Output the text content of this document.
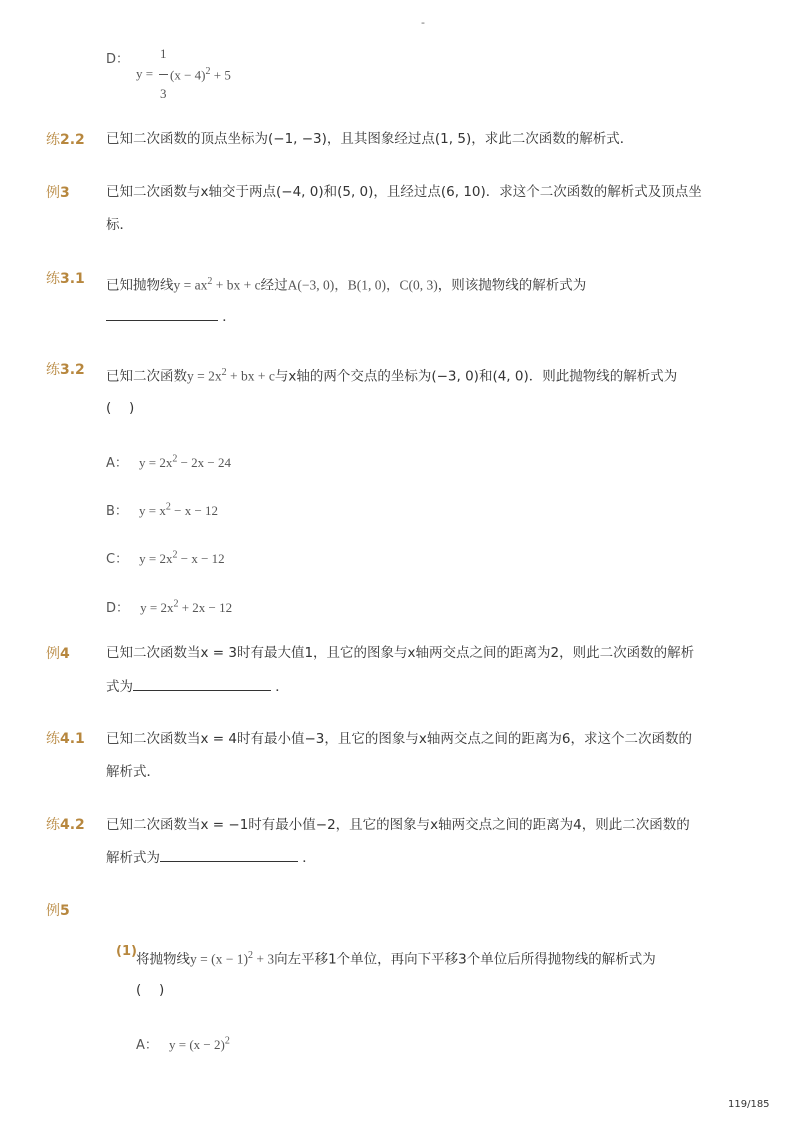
-
D：
y =
1
3
$(x - 4)^2 + 5$
练2.2 已知二次函数的顶点坐标为(−1, −3)，且其图象经过点(1, 5)，求此二次函数的解析式．
例3	已知二次函数与x轴交于两点(−4, 0)和(5, 0)，且经过点(6, 10)．求这个二次函数的解析式及顶点坐
标．
练3.1 已知抛物线$y = ax^2$ + bx + c经过A(−3, 0)，B(1, 0)，C(0, 3)，则该抛物线的解析式为
．
练3.2 已知二次函数$y = 2x^2$ + bx + c与x轴的两个交点的坐标为(−3, 0)和(4, 0)．则此抛物线的解析式为
(　 )
A： $y = 2x^2 - 2x - 24$
B： $y = x^2 - x - 12$
C： $y = 2x^2 - x - 12$
D： $y = 2x^2 + 2x - 12$
例4	已知二次函数当x = 3时有最大值1，且它的图象与x轴两交点之间的距离为2，则此二次函数的解析
式为	．
练4.1 已知二次函数当x = 4时有最小值−3，且它的图象与x轴两交点之间的距离为6，求这个二次函数的
解析式．
练4.2 已知二次函数当x = −1时有最小值−2，且它的图象与x轴两交点之间的距离为4，则此二次函数的
解析式为	．
例5
(1) 将抛物线$y = (x - 1)^2 + 3$向左平移1个单位，再向下平移3个单位后所得抛物线的解析式为
(　 )
A： $y = (x - 2)^2$
119/185
